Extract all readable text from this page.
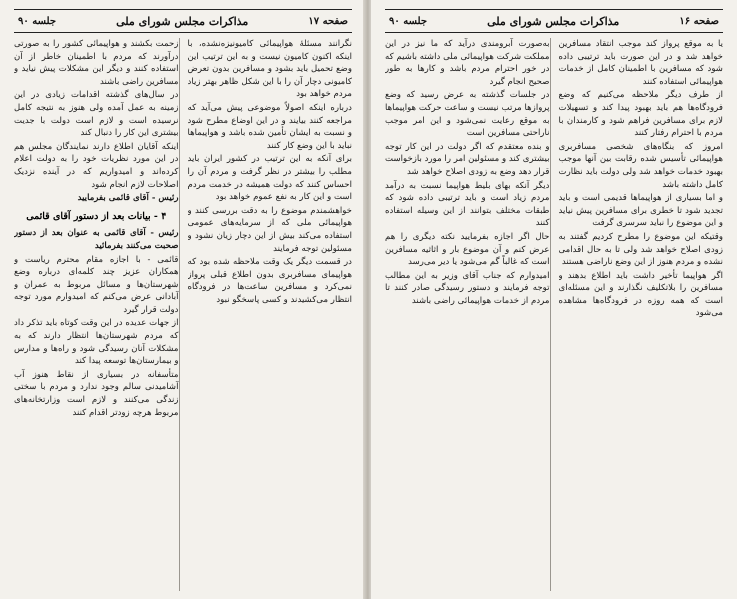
صفحه ۱۷
مذاکرات مجلس شورای ملی
جلسه ۹۰

نگرانند مسئلهٔ هواپیمائی کامیونیزه‌نشده، با اینکه اکنون کامیون نیست و به این ترتیب این وضع تحمیل باید بشود و مسافرین بدون تعرض کامیونی دچار آن را با این شکل ظاهر بهتر زیاد مردم خواهد بود

درباره اینکه اصولاً موضوعی پیش می‌آید که مراجعه کنند بیایند و در این اوضاع مطرح شود و نسبت به ایشان تأمین شده باشد و هواپیماها نباید با این وضع کار کنند

برای آنکه به این ترتیب در کشور ایران باید مطلب را بیشتر در نظر گرفت و مردم آن را احساس کنند که دولت همیشه در خدمت مردم است و این کار به نفع عموم خواهد بود

خواهشمندم موضوع را به دقت بررسی کنند و هواپیمائی ملی که از سرمایه‌های عمومی استفاده می‌کند بیش از این دچار زیان نشود و مسئولین توجه فرمایند

در قسمت دیگر یک وقت ملاحظه شده بود که هواپیمای مسافربری بدون اطلاع قبلی پرواز نمی‌کرد و مسافرین ساعت‌ها در فرودگاه انتظار می‌کشیدند و کسی پاسخگو نبود

زحمت بکشند و هواپیمائی کشور را به صورتی درآورند که مردم با اطمینان خاطر از آن استفاده کنند و دیگر این مشکلات پیش نیاید و مسافرین راضی باشند

در سال‌های گذشته اقدامات زیادی در این زمینه به عمل آمده ولی هنوز به نتیجه کامل نرسیده است و لازم است دولت با جدیت بیشتری این کار را دنبال کند

اینکه آقایان اطلاع دارند نمایندگان مجلس هم در این مورد نظریات خود را به دولت اعلام کرده‌اند و امیدواریم که در آینده نزدیک اصلاحات لازم انجام شود

رئیس - آقای قائمی بفرمایید

۴ - بیانات بعد از دستور آقای قائمی

رئیس - آقای قائمی به عنوان بعد از دستور صحبت می‌کنند بفرمائید

قائمی - با اجازه مقام محترم ریاست و همکاران عزیز چند کلمه‌ای درباره وضع شهرستان‌ها و مسائل مربوط به عمران و آبادانی عرض می‌کنم که امیدوارم مورد توجه دولت قرار گیرد

از جهات عدیده در این وقت کوتاه باید تذکر داد که مردم شهرستان‌ها انتظار دارند که به مشکلات آنان رسیدگی شود و راه‌ها و مدارس و بیمارستان‌ها توسعه پیدا کند

متأسفانه در بسیاری از نقاط هنوز آب آشامیدنی سالم وجود ندارد و مردم با سختی زندگی می‌کنند و لازم است وزارتخانه‌های مربوط هرچه زودتر اقدام کنند

صفحه ۱۶
مذاکرات مجلس شورای ملی
جلسه ۹۰

یا به موقع پرواز کند موجب انتقاد مسافرین خواهد شد و در این صورت باید ترتیبی داده شود که مسافرین با اطمینان کامل از خدمات هواپیمائی استفاده کنند

از طرف دیگر ملاحظه می‌کنیم که وضع فرودگاه‌ها هم باید بهبود پیدا کند و تسهیلات لازم برای مسافرین فراهم شود و کارمندان با مردم با احترام رفتار کنند

امروز که بنگاه‌های شخصی مسافربری هواپیمائی تأسیس شده رقابت بین آنها موجب بهبود خدمات خواهد شد ولی دولت باید نظارت کامل داشته باشد

و اما بسیاری از هواپیماها قدیمی است و باید تجدید شود تا خطری برای مسافرین پیش نیاید و این موضوع را نباید سرسری گرفت

وقتیکه این موضوع را مطرح کردیم گفتند به زودی اصلاح خواهد شد ولی تا به حال اقدامی نشده و مردم هنوز از این وضع ناراضی هستند

اگر هواپیما تأخیر داشت باید اطلاع بدهند و مسافرین را بلاتکلیف نگذارند و این مسئله‌ای است که همه روزه در فرودگاه‌ها مشاهده می‌شود

به‌صورت آبرومندی درآید که ما نیز در این مملکت شرکت هواپیمائی ملی داشته باشیم که در خور احترام مردم باشد و کارها به طور صحیح انجام گیرد

در جلسات گذشته به عرض رسید که وضع پروازها مرتب نیست و ساعت حرکت هواپیماها به موقع رعایت نمی‌شود و این امر موجب ناراحتی مسافرین است

و بنده معتقدم که اگر دولت در این کار توجه بیشتری کند و مسئولین امر را مورد بازخواست قرار دهد وضع به زودی اصلاح خواهد شد

دیگر آنکه بهای بلیط هواپیما نسبت به درآمد مردم زیاد است و باید ترتیبی داده شود که طبقات مختلف بتوانند از این وسیله استفاده کنند

حال اگر اجازه بفرمایید نکته دیگری را هم عرض کنم و آن موضوع بار و اثاثیه مسافرین است که غالباً گم می‌شود یا دیر می‌رسد

امیدوارم که جناب آقای وزیر به این مطالب توجه فرمایند و دستور رسیدگی صادر کنند تا مردم از خدمات هواپیمائی راضی باشند
